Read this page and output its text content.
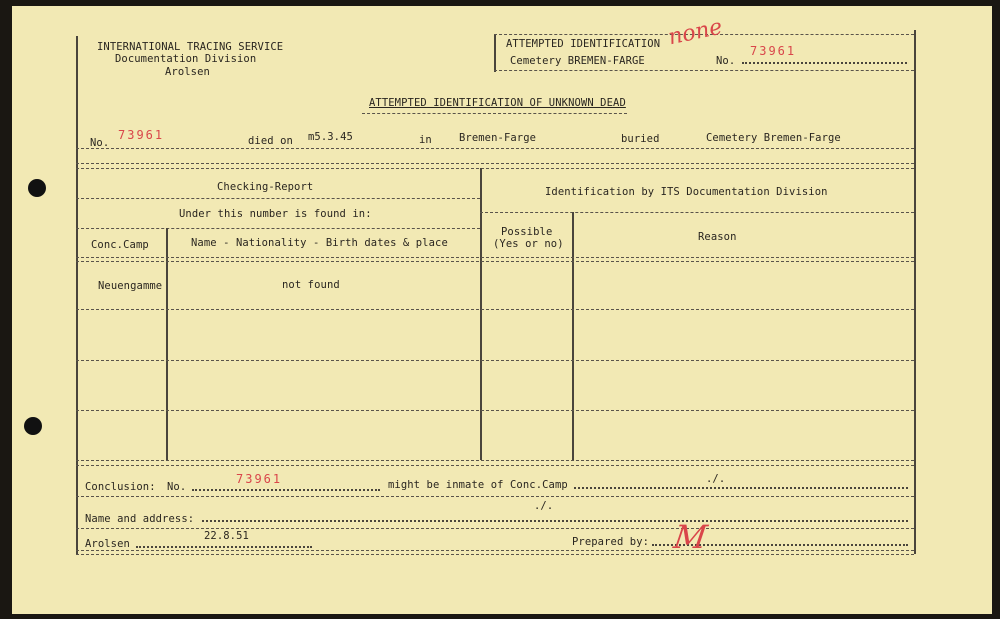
INTERNATIONAL TRACING SERVICE
Documentation Division
Arolsen
ATTEMPTED IDENTIFICATION
Cemetery BREMEN-FARGE	No.
73961
none
ATTEMPTED IDENTIFICATION OF UNKNOWN DEAD
No.
73961	died on m5.3.45	in	Bremen-Farge	buried	Cemetery Bremen-Farge
Checking-Report
Under this number is found in:
Conc.Camp	Name - Nationality - Birth dates & place
Identification by ITS Documentation Division
Possible
(Yes or no)
Reason
Neuengamme	not found
Conclusion: No.
73961	might be inmate of Conc.Camp	./.
Name and address:
./.
Arolsen
22.8.51	Prepared by: M
